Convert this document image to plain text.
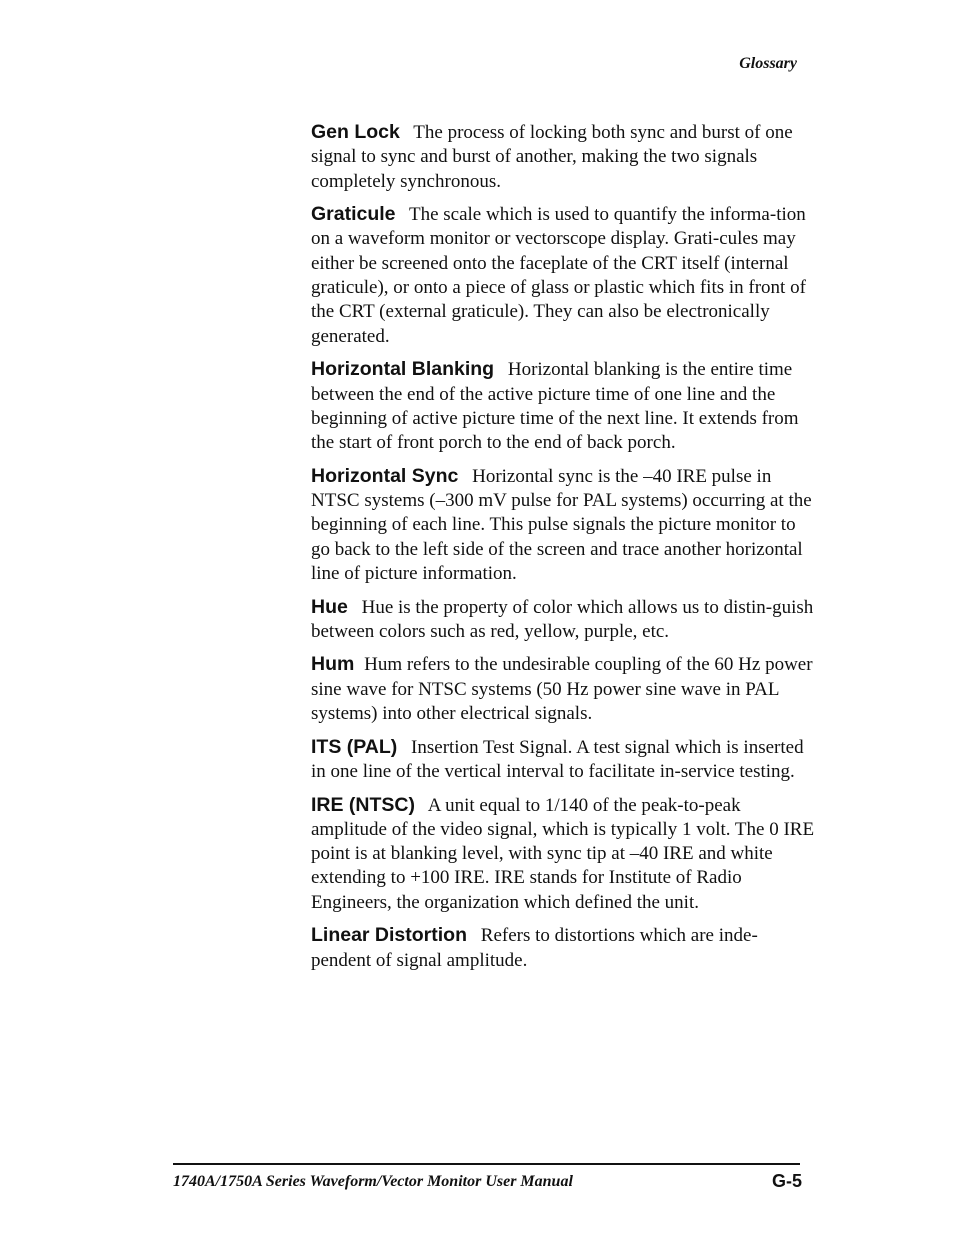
Glossary

Gen Lock The process of locking both sync and burst of one signal to sync and burst of another, making the two signals completely synchronous.

Graticule The scale which is used to quantify the informa-tion on a waveform monitor or vectorscope display. Grati-cules may either be screened onto the faceplate of the CRT itself (internal graticule), or onto a piece of glass or plastic which fits in front of the CRT (external graticule). They can also be electronically generated.

Horizontal Blanking Horizontal blanking is the entire time between the end of the active picture time of one line and the beginning of active picture time of the next line. It extends from the start of front porch to the end of back porch.

Horizontal Sync Horizontal sync is the –40 IRE pulse in NTSC systems (–300 mV pulse for PAL systems) occurring at the beginning of each line. This pulse signals the picture monitor to go back to the left side of the screen and trace another horizontal line of picture information.

Hue Hue is the property of color which allows us to distin-guish between colors such as red, yellow, purple, etc.

Hum Hum refers to the undesirable coupling of the 60 Hz power sine wave for NTSC systems (50 Hz power sine wave in PAL systems) into other electrical signals.

ITS (PAL) Insertion Test Signal. A test signal which is inserted in one line of the vertical interval to facilitate in-service testing.

IRE (NTSC) A unit equal to 1/140 of the peak-to-peak amplitude of the video signal, which is typically 1 volt. The 0 IRE point is at blanking level, with sync tip at –40 IRE and white extending to +100 IRE. IRE stands for Institute of Radio Engineers, the organization which defined the unit.

Linear Distortion Refers to distortions which are inde-pendent of signal amplitude.

1740A/1750A Series Waveform/Vector Monitor User Manual	G-5
